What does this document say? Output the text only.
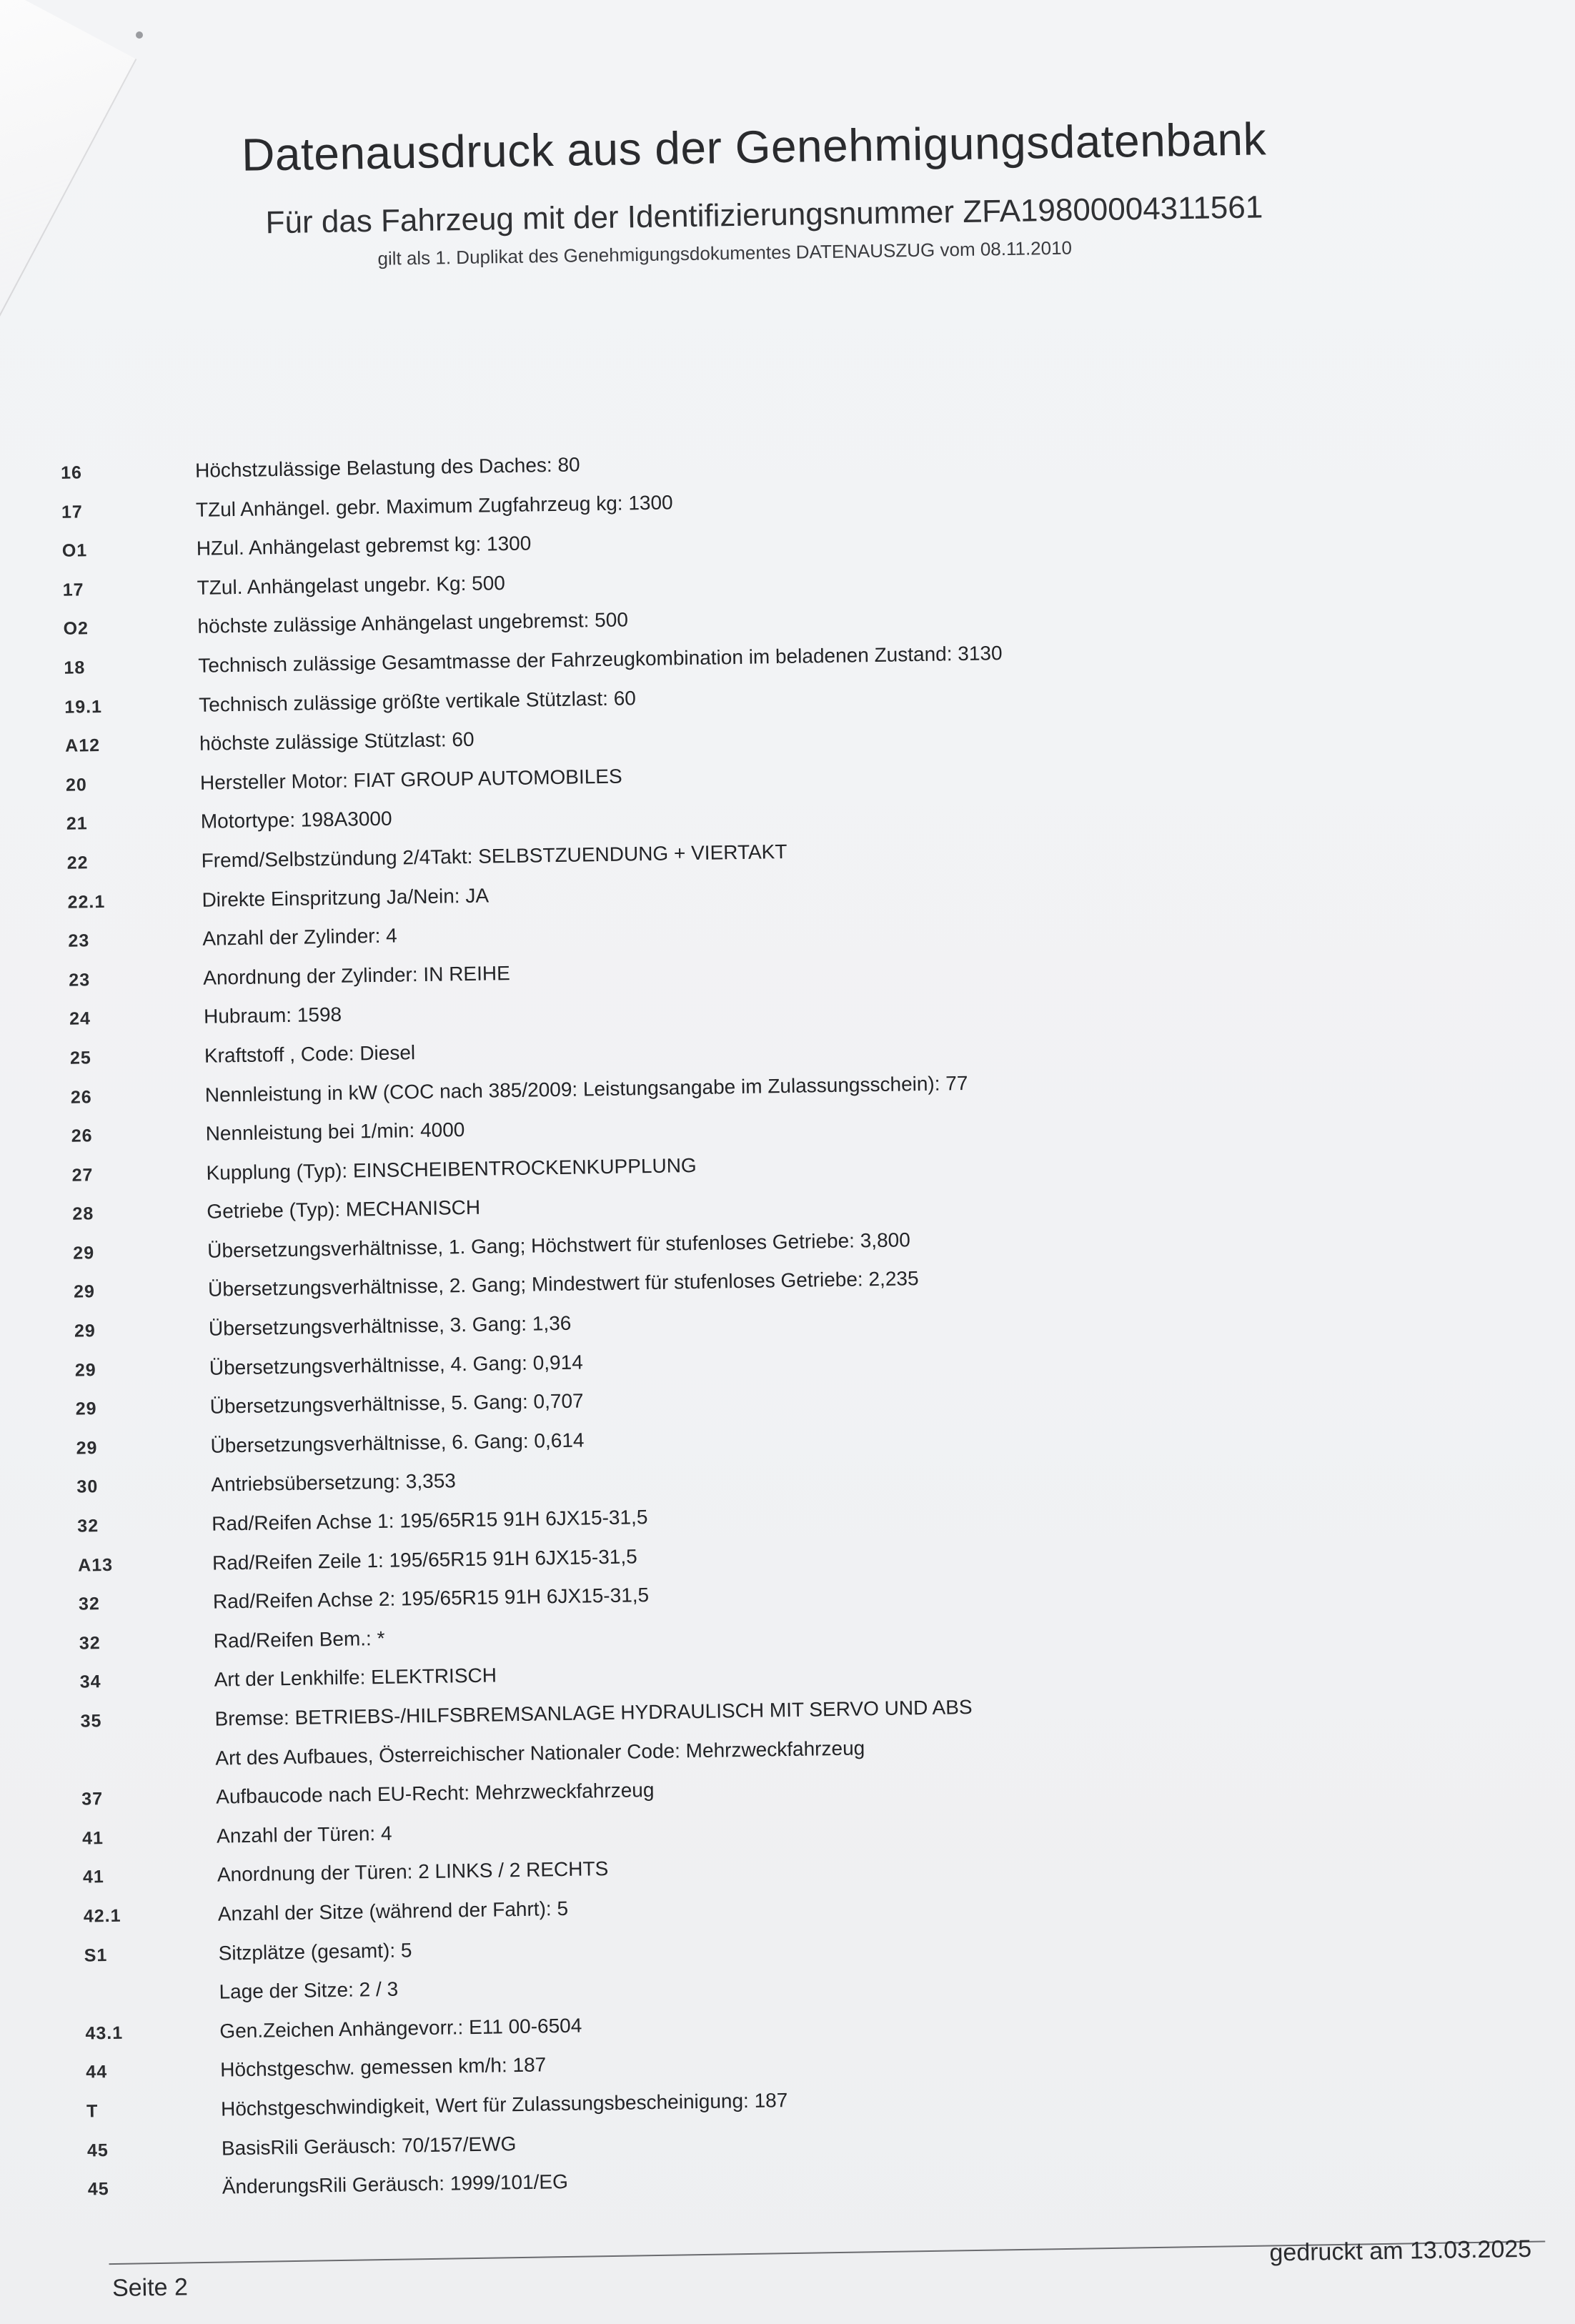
Datenausdruck aus der Genehmigungsdatenbank
Für das Fahrzeug mit der Identifizierungsnummer ZFA19800004311561
gilt als 1. Duplikat des Genehmigungsdokumentes DATENAUSZUG vom 08.11.2010
16	Höchstzulässige Belastung des Daches: 80
17	TZul Anhängel. gebr. Maximum Zugfahrzeug kg: 1300
O1	HZul. Anhängelast gebremst kg: 1300
17	TZul. Anhängelast ungebr. Kg: 500
O2	höchste zulässige Anhängelast ungebremst: 500
18	Technisch zulässige Gesamtmasse der Fahrzeugkombination im beladenen Zustand: 3130
19.1	Technisch zulässige größte vertikale Stützlast: 60
A12	höchste zulässige Stützlast: 60
20	Hersteller Motor: FIAT GROUP AUTOMOBILES
21	Motortype: 198A3000
22	Fremd/Selbstzündung 2/4Takt: SELBSTZUENDUNG + VIERTAKT
22.1	Direkte Einspritzung Ja/Nein: JA
23	Anzahl der Zylinder: 4
23	Anordnung der Zylinder: IN REIHE
24	Hubraum: 1598
25	Kraftstoff , Code: Diesel
26	Nennleistung in kW (COC nach 385/2009: Leistungsangabe im Zulassungsschein): 77
26	Nennleistung bei 1/min: 4000
27	Kupplung (Typ): EINSCHEIBENTROCKENKUPPLUNG
28	Getriebe (Typ): MECHANISCH
29	Übersetzungsverhältnisse, 1. Gang; Höchstwert für stufenloses Getriebe: 3,800
29	Übersetzungsverhältnisse, 2. Gang; Mindestwert für stufenloses Getriebe: 2,235
29	Übersetzungsverhältnisse, 3. Gang: 1,36
29	Übersetzungsverhältnisse, 4. Gang: 0,914
29	Übersetzungsverhältnisse, 5. Gang: 0,707
29	Übersetzungsverhältnisse, 6. Gang: 0,614
30	Antriebsübersetzung: 3,353
32	Rad/Reifen Achse 1: 195/65R15 91H 6JX15-31,5
A13	Rad/Reifen Zeile 1: 195/65R15 91H 6JX15-31,5
32	Rad/Reifen Achse 2: 195/65R15 91H 6JX15-31,5
32	Rad/Reifen Bem.: *
34	Art der Lenkhilfe: ELEKTRISCH
35	Bremse: BETRIEBS-/HILFSBREMSANLAGE HYDRAULISCH MIT SERVO UND ABS
Art des Aufbaues, Österreichischer Nationaler Code: Mehrzweckfahrzeug
37	Aufbaucode nach EU-Recht: Mehrzweckfahrzeug
41	Anzahl der Türen: 4
41	Anordnung der Türen: 2 LINKS / 2 RECHTS
42.1	Anzahl der Sitze (während der Fahrt): 5
S1	Sitzplätze (gesamt): 5
Lage der Sitze: 2 / 3
43.1	Gen.Zeichen Anhängevorr.: E11 00-6504
44	Höchstgeschw. gemessen km/h: 187
T	Höchstgeschwindigkeit, Wert für Zulassungsbescheinigung: 187
45	BasisRili Geräusch: 70/157/EWG
45	ÄnderungsRili Geräusch: 1999/101/EG
Seite 2
gedruckt am 13.03.2025
